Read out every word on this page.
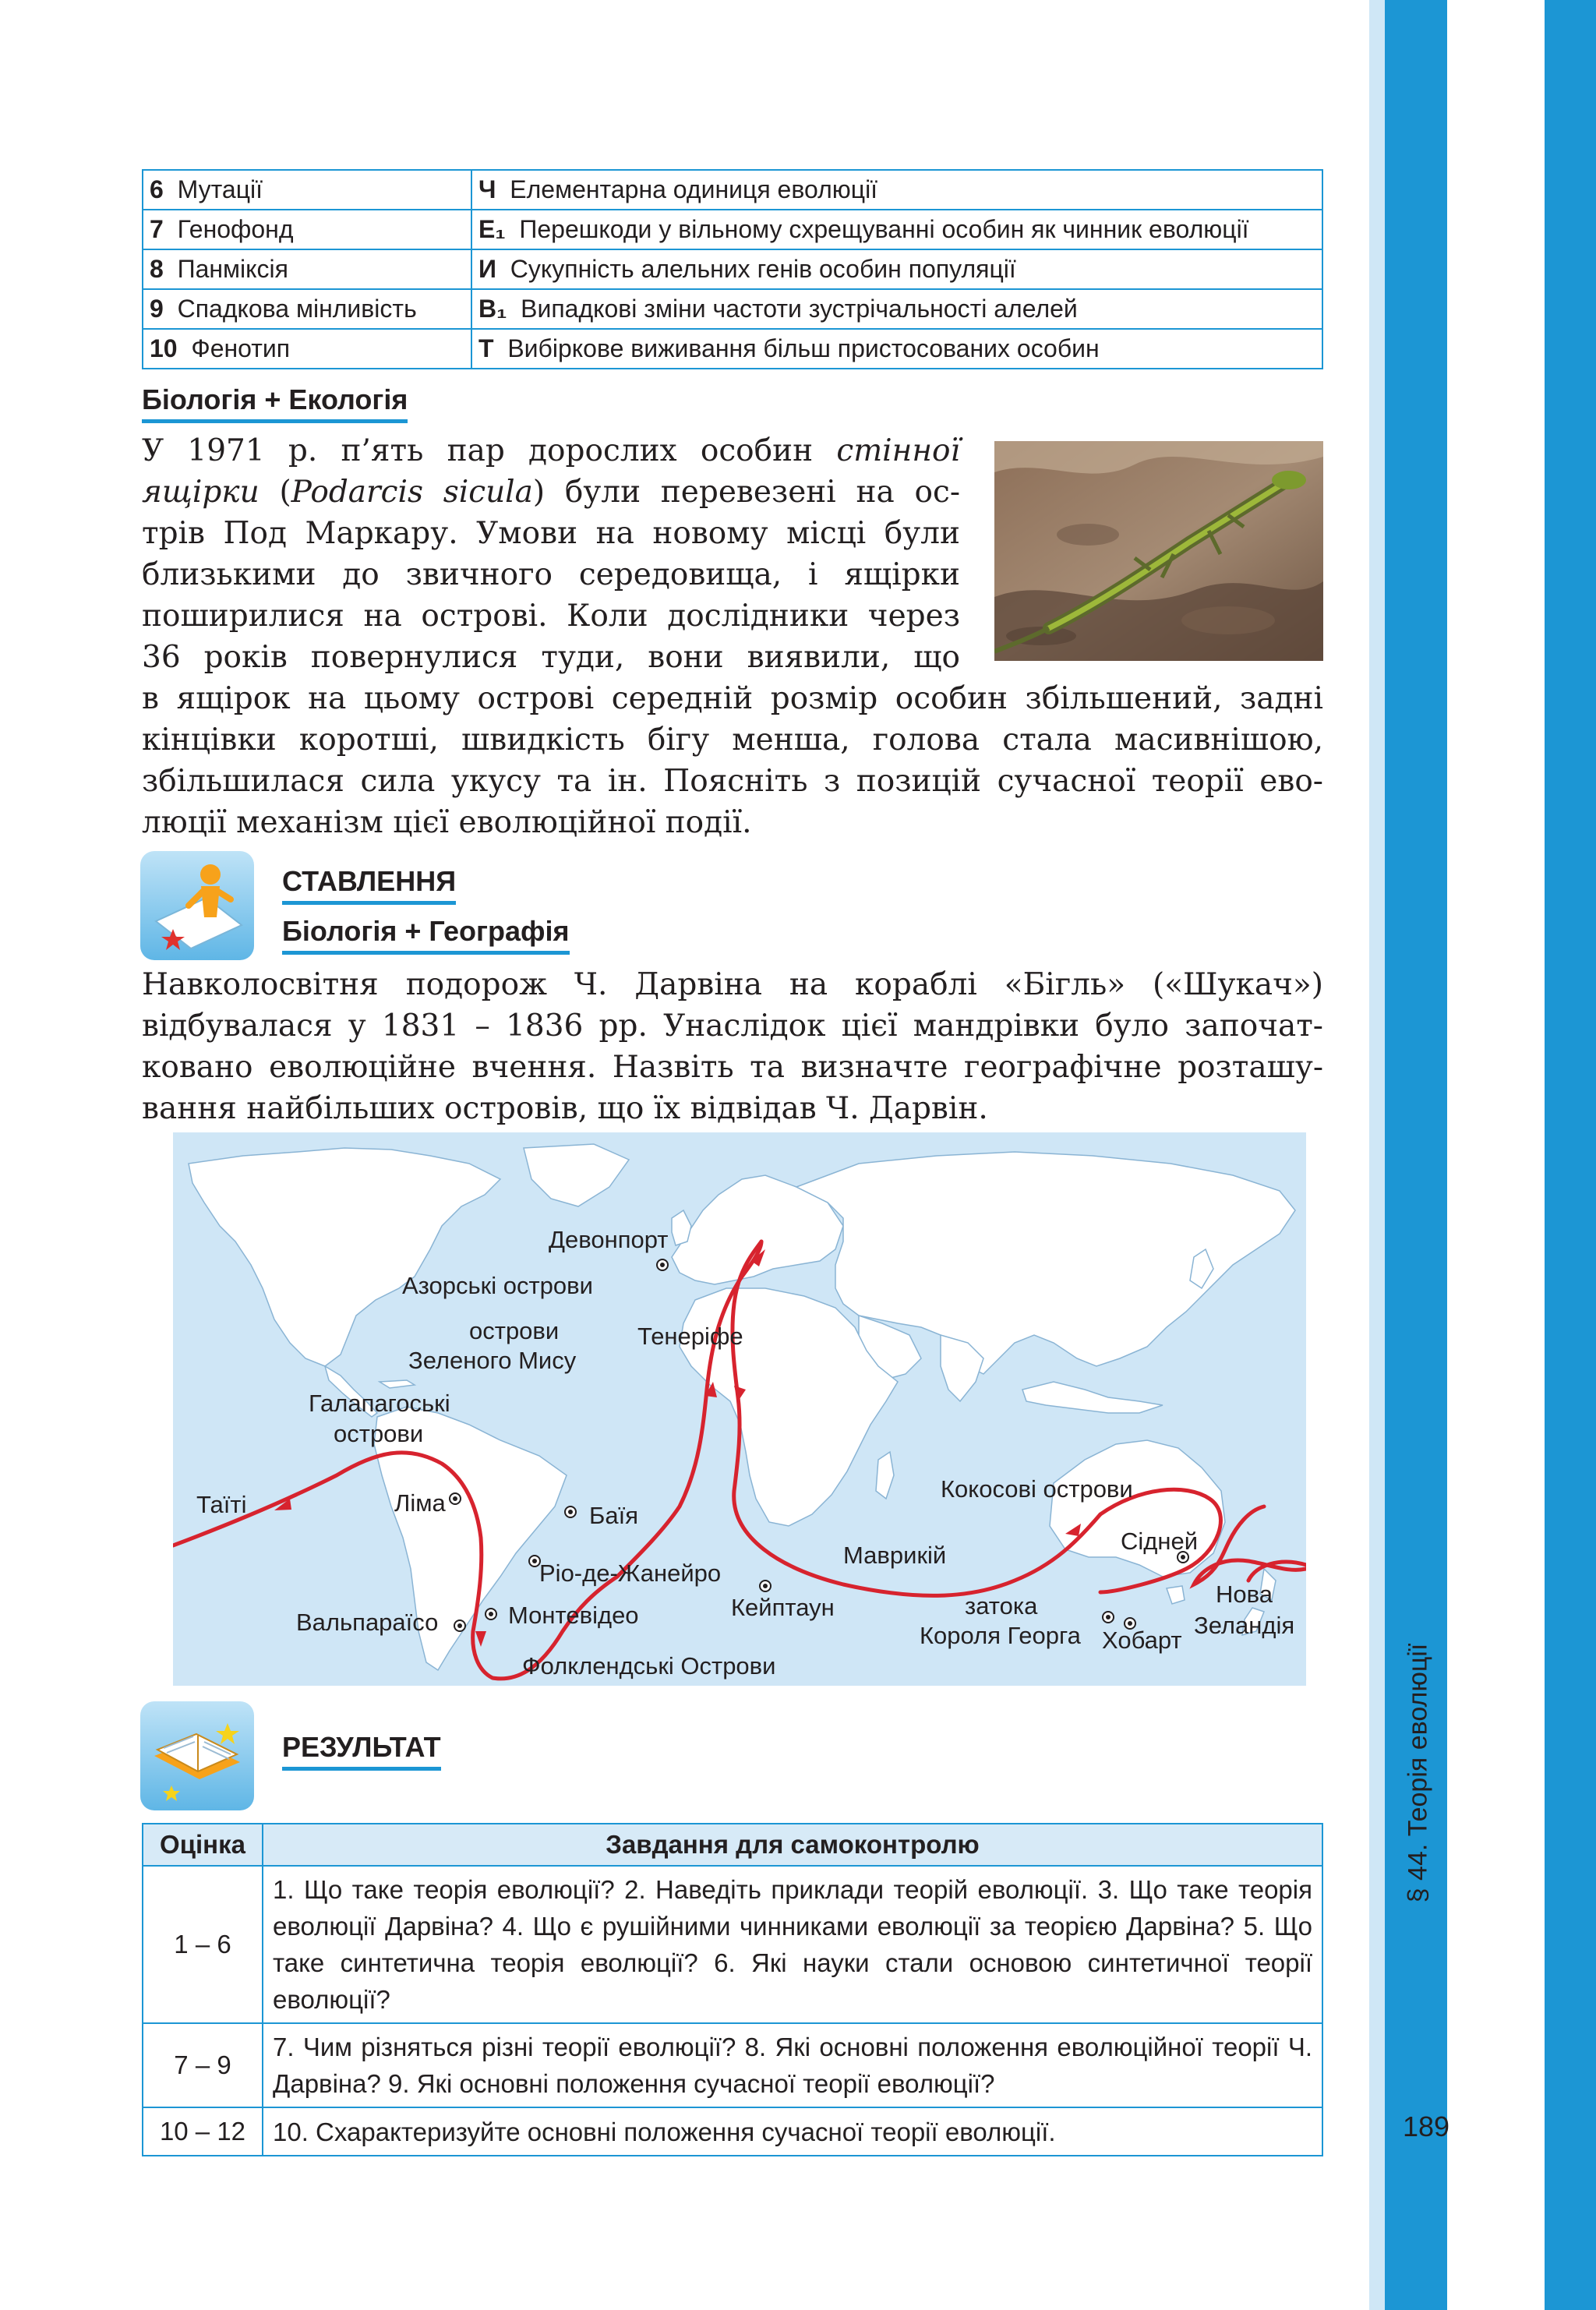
§ 44. Теорія еволюції
189
6 Мутації	Ч Елементарна одиниця еволюції
7 Генофонд	Е₁ Перешкоди у вільному схрещуванні особин як чинник еволюції
8 Панміксія	И Сукупність алельних генів особин популяції
9 Спадкова мінливість	В₁ Випадкові зміни частоти зустрічальності алелей
10 Фенотип	Т Вибіркове виживання більш пристосованих особин
Біологія + Екологія
У 1971 р. п’ять пар дорослих особин стінної
ящірки (Podarcis sicula) були перевезені на ос-
трів Под Маркару. Умови на новому місці були
близькими до звичного середовища, і ящірки
поширилися на острові. Коли дослідники через
36 років повернулися туди, вони виявили, що
в ящірок на цьому острові середній розмір особин збільшений, задні
кінцівки коротші, швидкість бігу менша, голова стала масивнішою,
збільшилася сила укусу та ін. Поясніть з позицій сучасної теорії ево-
люції механізм цієї еволюційної події.
СТАВЛЕННЯ
Біологія + Географія
Навколосвітня подорож Ч. Дарвіна на кораблі «Бігль» («Шукач»)
відбувалася у 1831 – 1836 рр. Унаслідок цієї мандрівки було започат-
ковано еволюційне вчення. Назвіть та визначте географічне розташу-
вання найбільших островів, що їх відвідав Ч. Дарвін.
Девонпорт
Азорські острови
острови
Зеленого Мису
Тенеріфе
Галапагоські
острови
Таїті	Ліма	Баїя
Ріо-де-Жанейро
Вальпараїсо	Монтевідео
Фолклендські Острови
Кейптаун
Маврикій
Кокосові острови
Сідней
затока
Короля Георга Хобарт
Нова
Зеландія
РЕЗУЛЬТАТ
Оцінка	Завдання для самоконтролю
1 – 6	1. Що таке теорія еволюції? 2. Наведіть приклади теорій еволюції. 3. Що таке теорія еволюції Дарвіна? 4. Що є рушійними чинниками еволюції за теорією Дарвіна? 5. Що таке синтетична теорія еволюції? 6. Які науки стали основою синтетичної теорії еволюції?
7 – 9	7. Чим різняться різні теорії еволюції? 8. Які основні положення еволюційної теорії Ч. Дарвіна? 9. Які основні положення сучасної теорії еволюції?
10 – 12	10. Схарактеризуйте основні положення сучасної теорії еволюції.
